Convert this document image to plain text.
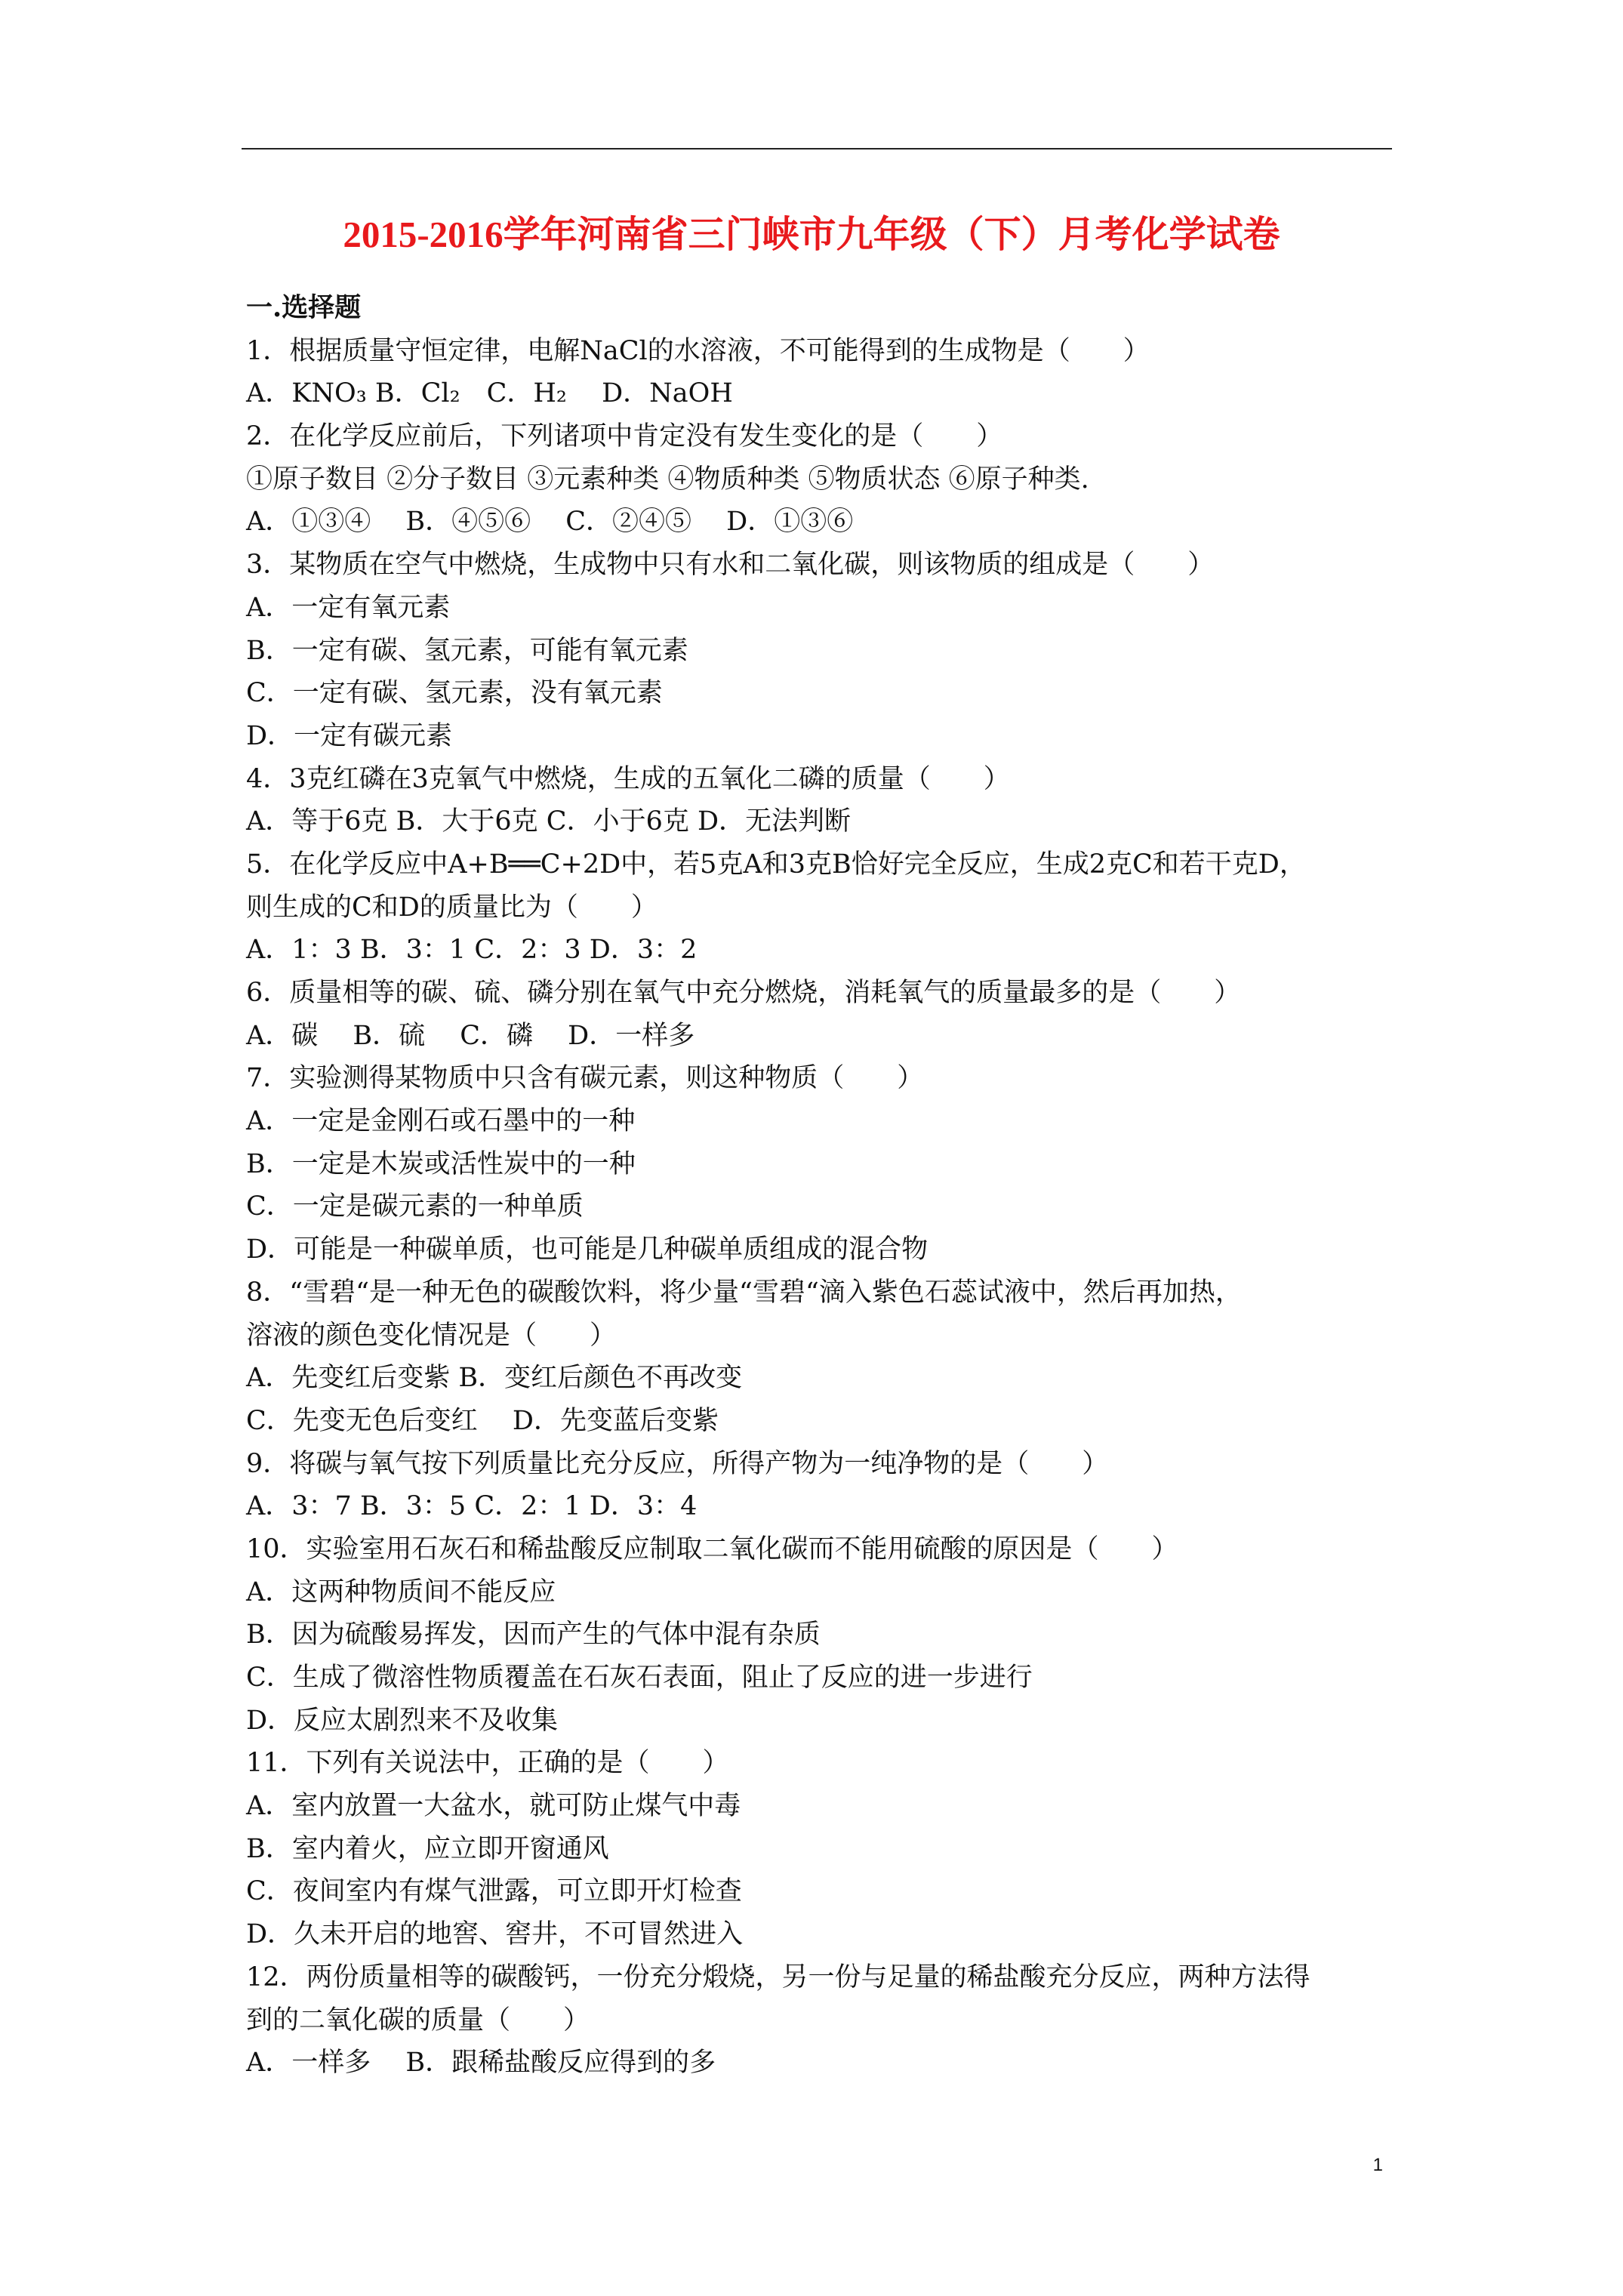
2015-2016学年河南省三门峡市九年级（下）月考化学试卷
一.选择题
1．根据质量守恒定律，电解NaCl的水溶液，不可能得到的生成物是（　　）
A．KNO₃ B．Cl₂　C．H₂　 D．NaOH
2．在化学反应前后，下列诸项中肯定没有发生变化的是（　　）
①原子数目 ②分子数目 ③元素种类 ④物质种类 ⑤物质状态 ⑥原子种类.
A．①③④　 B．④⑤⑥　 C．②④⑤　 D．①③⑥
3．某物质在空气中燃烧，生成物中只有水和二氧化碳，则该物质的组成是（　　）
A．一定有氧元素
B．一定有碳、氢元素，可能有氧元素
C．一定有碳、氢元素，没有氧元素
D．一定有碳元素
4．3克红磷在3克氧气中燃烧，生成的五氧化二磷的质量（　　）
A．等于6克 B．大于6克 C．小于6克 D．无法判断
5．在化学反应中A+B══C+2D中，若5克A和3克B恰好完全反应，生成2克C和若干克D，
则生成的C和D的质量比为（　　）
A．1：3 B．3：1 C．2：3 D．3：2
6．质量相等的碳、硫、磷分别在氧气中充分燃烧，消耗氧气的质量最多的是（　　）
A．碳　 B．硫　 C．磷　 D．一样多
7．实验测得某物质中只含有碳元素，则这种物质（　　）
A．一定是金刚石或石墨中的一种
B．一定是木炭或活性炭中的一种
C．一定是碳元素的一种单质
D．可能是一种碳单质，也可能是几种碳单质组成的混合物
8．“雪碧“是一种无色的碳酸饮料，将少量“雪碧“滴入紫色石蕊试液中，然后再加热，
溶液的颜色变化情况是（　　）
A．先变红后变紫 B．变红后颜色不再改变
C．先变无色后变红　 D．先变蓝后变紫
9．将碳与氧气按下列质量比充分反应，所得产物为一纯净物的是（　　）
A．3：7 B．3：5 C．2：1 D．3：4
10．实验室用石灰石和稀盐酸反应制取二氧化碳而不能用硫酸的原因是（　　）
A．这两种物质间不能反应
B．因为硫酸易挥发，因而产生的气体中混有杂质
C．生成了微溶性物质覆盖在石灰石表面，阻止了反应的进一步进行
D．反应太剧烈来不及收集
11．下列有关说法中，正确的是（　　）
A．室内放置一大盆水，就可防止煤气中毒
B．室内着火，应立即开窗通风
C．夜间室内有煤气泄露，可立即开灯检查
D．久未开启的地窖、窖井，不可冒然进入
12．两份质量相等的碳酸钙，一份充分煅烧，另一份与足量的稀盐酸充分反应，两种方法得
到的二氧化碳的质量（　　）
A．一样多　 B．跟稀盐酸反应得到的多
1
